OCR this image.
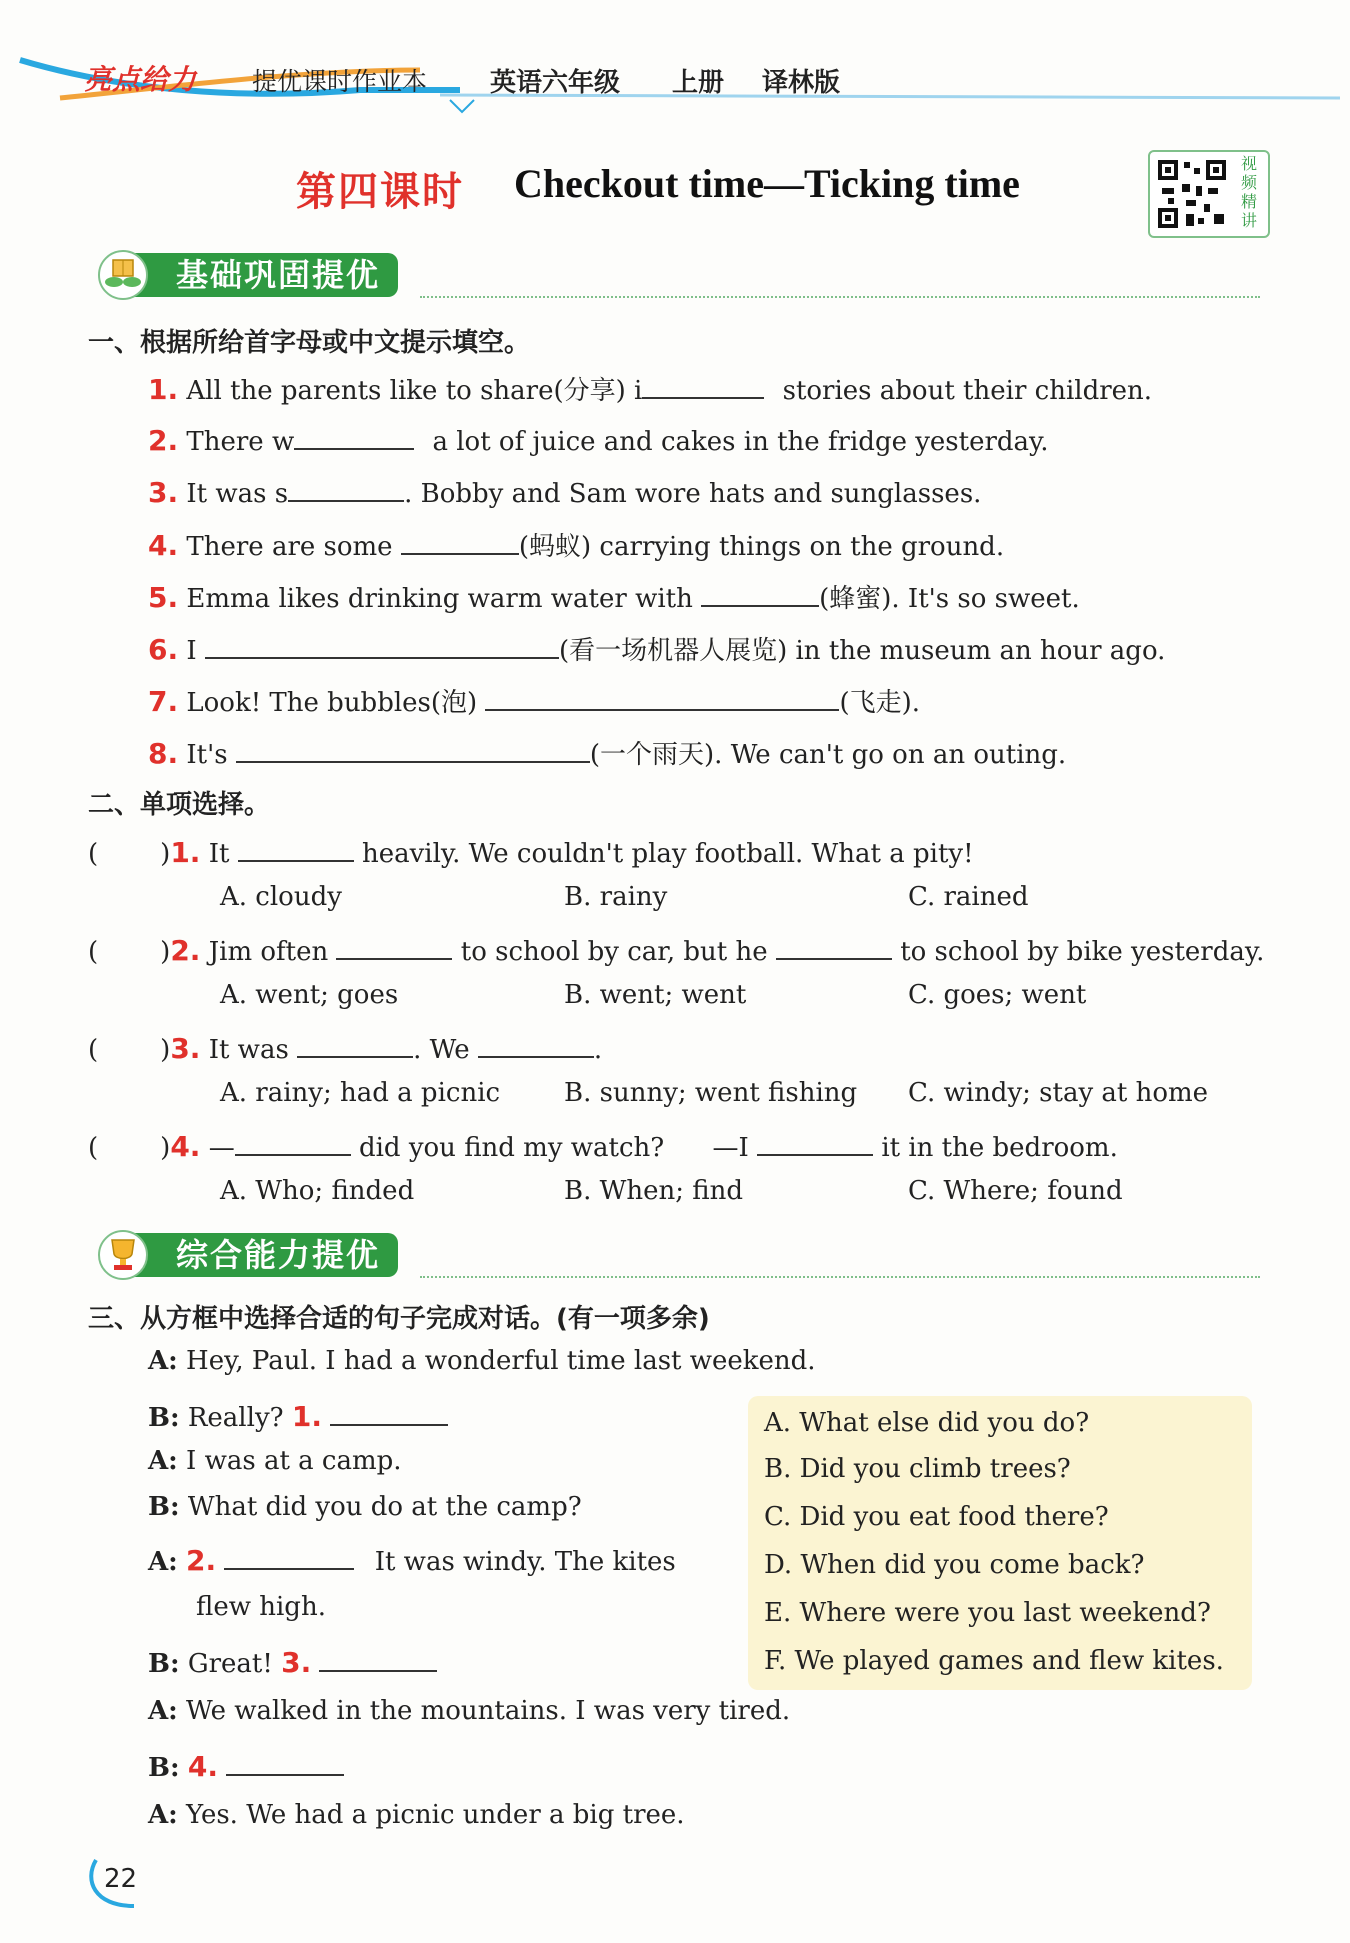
亮点给力 提优课时作业本 英语六年级 上册 译林版
第四课时 Checkout time—Ticking time	视
频
精
讲
基础巩固提优
一、根据所给首字母或中文提示填空。
1. All the parents like to share(分享) i	stories about their children.
2. There w	a lot of juice and cakes in the fridge yesterday.
3. It was s	. Bobby and Sam wore hats and sunglasses.
4. There are some	(蚂蚁) carrying things on the ground.
5. Emma likes drinking warm water with	(蜂蜜). It's so sweet.
6. I	(看一场机器人展览) in the museum an hour ago.
7. Look! The bubbles(泡)	(飞走).
8. It's	(一个雨天). We can't go on an outing.
二、单项选择。
( )1. It	heavily. We couldn't play football. What a pity!
A. cloudy	B. rainy	C. rained
( )2. Jim often	to school by car, but he	to school by bike yesterday.
A. went; goes	B. went; went	C. goes; went
( )3. It was	. We	.
A. rainy; had a picnic B. sunny; went fishing C. windy; stay at home
( )4. —	did you find my watch? —I	it in the bedroom.
A. Who; finded	B. When; find	C. Where; found
综合能力提优
三、从方框中选择合适的句子完成对话。(有一项多余)
A: Hey, Paul. I had a wonderful time last weekend.
B: Really? 1.
A: I was at a camp.
B: What did you do at the camp?
A: 2.	It was windy. The kites
flew high.
B: Great! 3.
A: We walked in the mountains. I was very tired.
B: 4.
A: Yes. We had a picnic under a big tree.
A. What else did you do?
B. Did you climb trees?
C. Did you eat food there?
D. When did you come back?
E. Where were you last weekend?
F. We played games and flew kites.
22
